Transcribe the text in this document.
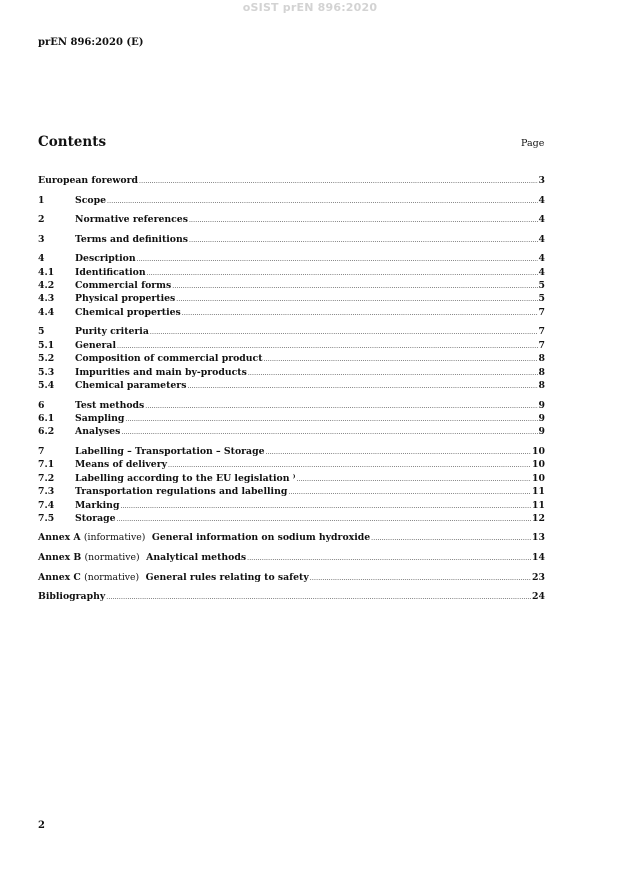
oSIST prEN 896:2020
prEN 896:2020 (E)
Contents	Page
European foreword .....	3
1	Scope .....	4
2	Normative references .....	4
3	Terms and definitions .....	4
4	Description .....	4
4.1	Identification .....	4
4.2	Commercial forms .....	5
4.3	Physical properties .....	5
4.4	Chemical properties .....	7
5	Purity criteria .....	7
5.1	General .....	7
5.2	Composition of commercial product .....	8
5.3	Impurities and main by-products .....	8
5.4	Chemical parameters .....	8
6	Test methods .....	9
6.1	Sampling .....	9
6.2	Analyses .....	9
7	Labelling – Transportation – Storage .....	10
7.1	Means of delivery .....	10
7.2	Labelling according to the EU legislation ⁾ .....	10
7.3	Transportation regulations and labelling .....	11
7.4	Marking .....	11
7.5	Storage .....	12
Annex A (informative) General information on sodium hydroxide .....	13
Annex B (normative) Analytical methods .....	14
Annex C (normative) General rules relating to safety .....	23
Bibliography .....	24
2
